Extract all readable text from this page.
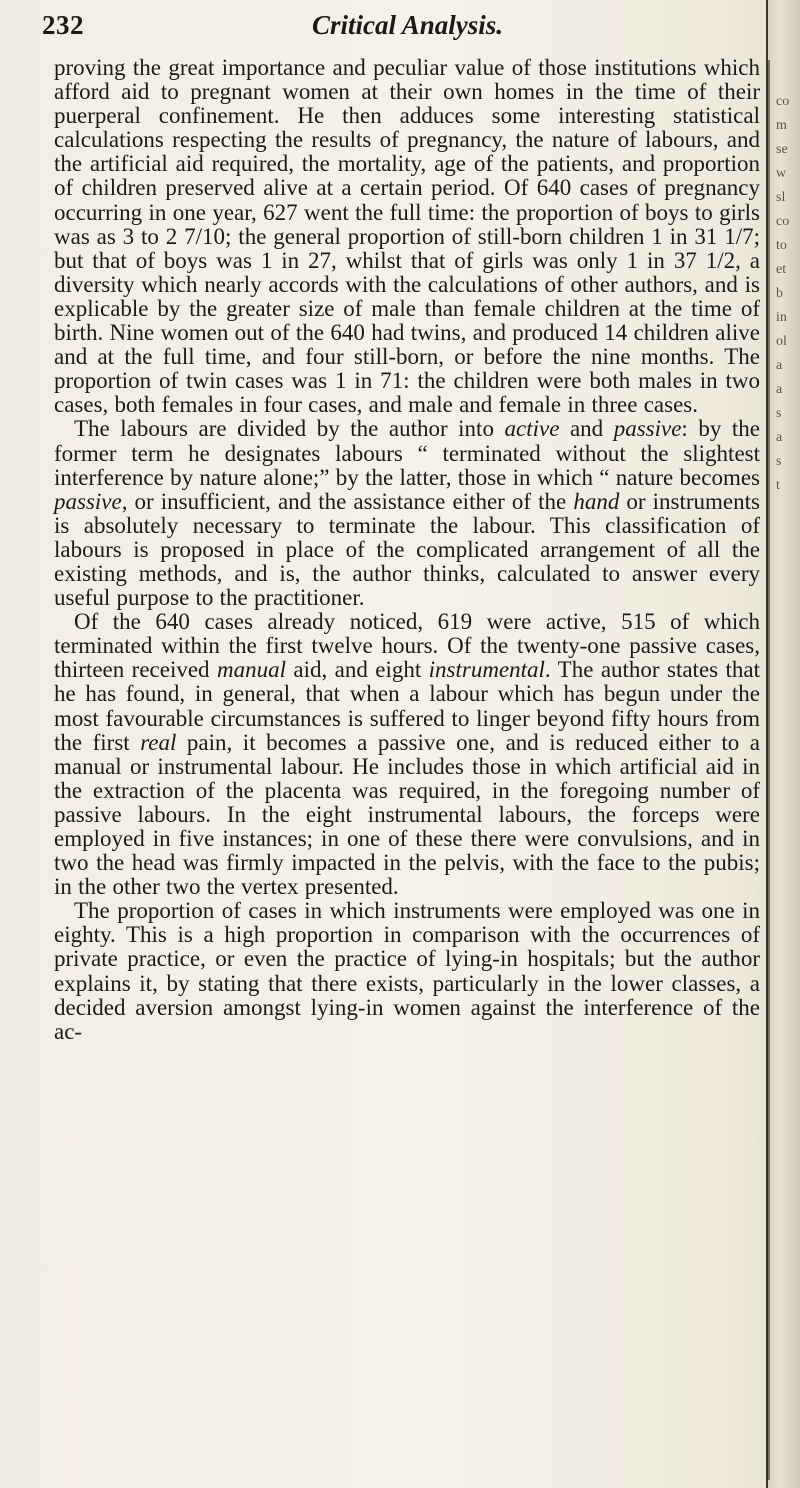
232	Critical Analysis.

proving the great importance and peculiar value of those institutions which afford aid to pregnant women at their own homes in the time of their puerperal confinement. He then adduces some interesting statistical calculations respecting the results of pregnancy, the nature of labours, and the artificial aid required, the mortality, age of the patients, and proportion of children preserved alive at a certain period. Of 640 cases of pregnancy occurring in one year, 627 went the full time: the proportion of boys to girls was as 3 to 2 7/10; the general proportion of still-born children 1 in 31 1/7; but that of boys was 1 in 27, whilst that of girls was only 1 in 37 1/2, a diversity which nearly accords with the calculations of other authors, and is explicable by the greater size of male than female children at the time of birth. Nine women out of the 640 had twins, and produced 14 children alive and at the full time, and four still-born, or before the nine months. The proportion of twin cases was 1 in 71: the children were both males in two cases, both females in four cases, and male and female in three cases.

The labours are divided by the author into active and passive: by the former term he designates labours “ terminated without the slightest interference by nature alone;” by the latter, those in which “ nature becomes passive, or insufficient, and the assistance either of the hand or instruments is absolutely necessary to terminate the labour. This classification of labours is proposed in place of the complicated arrangement of all the existing methods, and is, the author thinks, calculated to answer every useful purpose to the practitioner.

Of the 640 cases already noticed, 619 were active, 515 of which terminated within the first twelve hours. Of the twenty-one passive cases, thirteen received manual aid, and eight instrumental. The author states that he has found, in general, that when a labour which has begun under the most favourable circumstances is suffered to linger beyond fifty hours from the first real pain, it becomes a passive one, and is reduced either to a manual or instrumental labour. He includes those in which artificial aid in the extraction of the placenta was required, in the foregoing number of passive labours. In the eight instrumental labours, the forceps were employed in five instances; in one of these there were convulsions, and in two the head was firmly impacted in the pelvis, with the face to the pubis; in the other two the vertex presented.

The proportion of cases in which instruments were employed was one in eighty. This is a high proportion in comparison with the occurrences of private practice, or even the practice of lying-in hospitals; but the author explains it, by stating that there exists, particularly in the lower classes, a decided aversion amongst lying-in women against the interference of the ac-

co
m
se
w
sl
co
to
et
b
in
ol
a
a
s
a
s
t
